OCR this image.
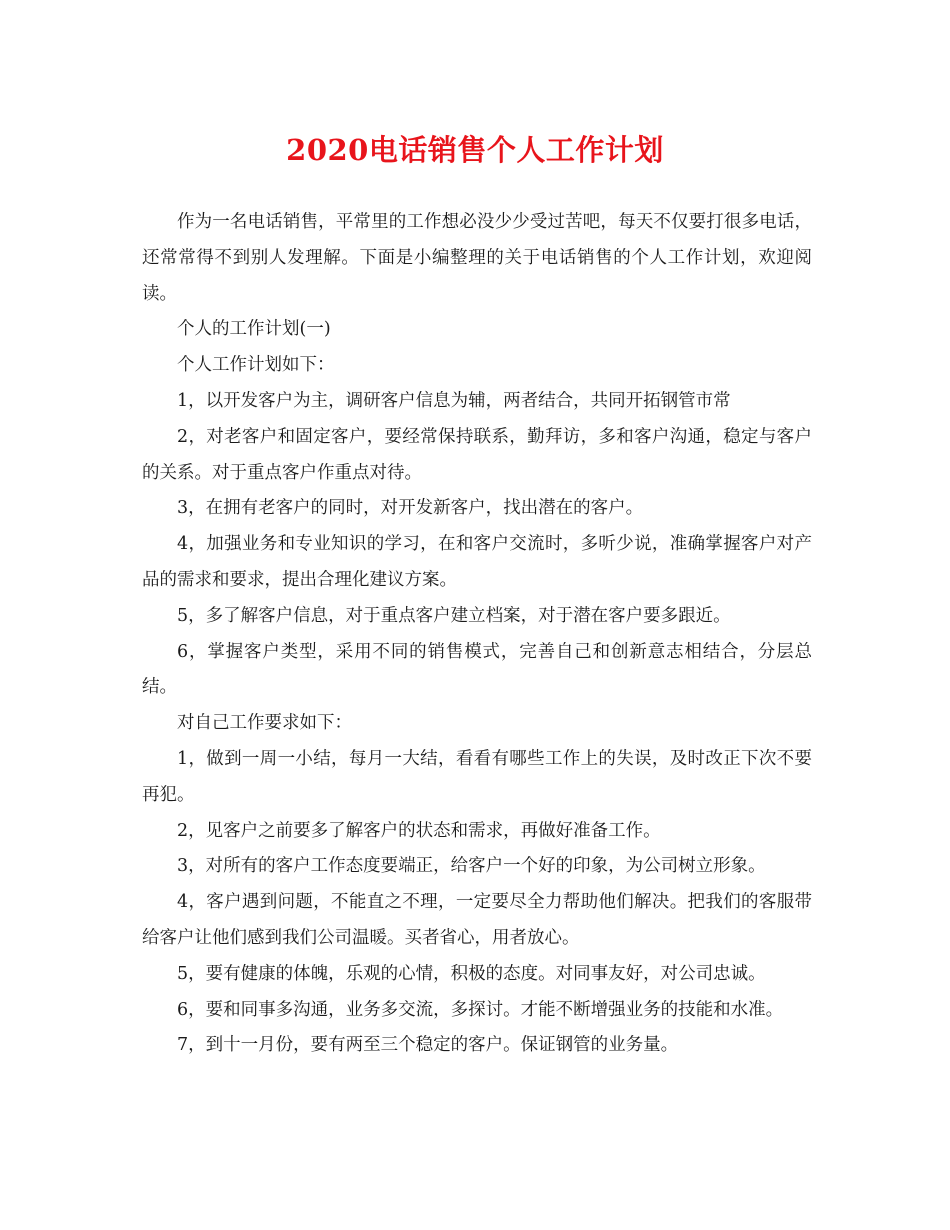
2020电话销售个人工作计划

作为一名电话销售，平常里的工作想必没少少受过苦吧，每天不仅要打很多电话，还常常得不到别人发理解。下面是小编整理的关于电话销售的个人工作计划，欢迎阅读。

个人的工作计划(一)

个人工作计划如下：

1，以开发客户为主，调研客户信息为辅，两者结合，共同开拓钢管市常

2，对老客户和固定客户，要经常保持联系，勤拜访，多和客户沟通，稳定与客户的关系。对于重点客户作重点对待。

3，在拥有老客户的同时，对开发新客户，找出潜在的客户。

4，加强业务和专业知识的学习，在和客户交流时，多听少说，准确掌握客户对产品的需求和要求，提出合理化建议方案。

5，多了解客户信息，对于重点客户建立档案，对于潜在客户要多跟近。

6，掌握客户类型，采用不同的销售模式，完善自己和创新意志相结合，分层总结。

对自己工作要求如下：

1，做到一周一小结，每月一大结，看看有哪些工作上的失误，及时改正下次不要再犯。

2，见客户之前要多了解客户的状态和需求，再做好准备工作。

3，对所有的客户工作态度要端正，给客户一个好的印象，为公司树立形象。

4，客户遇到问题，不能直之不理，一定要尽全力帮助他们解决。把我们的客服带给客户让他们感到我们公司温暖。买者省心，用者放心。

5，要有健康的体魄，乐观的心情，积极的态度。对同事友好，对公司忠诚。

6，要和同事多沟通，业务多交流，多探讨。才能不断增强业务的技能和水准。

7，到十一月份，要有两至三个稳定的客户。保证钢管的业务量。
